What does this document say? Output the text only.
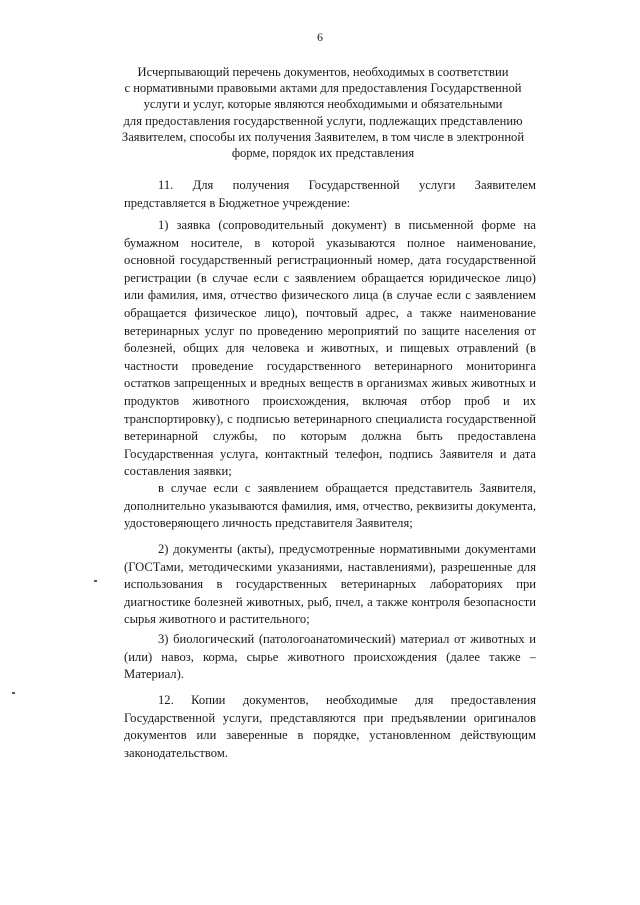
6
Исчерпывающий перечень документов, необходимых в соответствии
с нормативными правовыми актами для предоставления Государственной
услуги и услуг, которые являются необходимыми и обязательными
для предоставления государственной услуги, подлежащих представлению
Заявителем, способы их получения Заявителем, в том числе в электронной
форме, порядок их представления

11. Для получения Государственной услуги Заявителем представляется в Бюджетное учреждение:

1) заявка (сопроводительный документ) в письменной форме на бумажном носителе, в которой указываются полное наименование, основной государственный регистрационный номер, дата государственной регистрации (в случае если с заявлением обращается юридическое лицо) или фамилия, имя, отчество физического лица (в случае если с заявлением обращается физическое лицо), почтовый адрес, а также наименование ветеринарных услуг по проведению мероприятий по защите населения от болезней, общих для человека и животных, и пищевых отравлений (в частности проведение государственного ветеринарного мониторинга остатков запрещенных и вредных веществ в организмах живых животных и продуктов животного происхождения, включая отбор проб и их транспортировку), с подписью ветеринарного специалиста государственной ветеринарной службы, по которым должна быть предоставлена Государственная услуга, контактный телефон, подпись Заявителя и дата составления заявки;

в случае если с заявлением обращается представитель Заявителя, дополнительно указываются фамилия, имя, отчество, реквизиты документа, удостоверяющего личность представителя Заявителя;

2) документы (акты), предусмотренные нормативными документами (ГОСТами, методическими указаниями, наставлениями), разрешенные для использования в государственных ветеринарных лабораториях при диагностике болезней животных, рыб, пчел, а также контроля безопасности сырья животного и растительного;

3) биологический (патологоанатомический) материал от животных и (или) навоз, корма, сырье животного происхождения (далее также – Материал).

12. Копии документов, необходимые для предоставления Государственной услуги, представляются при предъявлении оригиналов документов или заверенные в порядке, установленном действующим законодательством.
